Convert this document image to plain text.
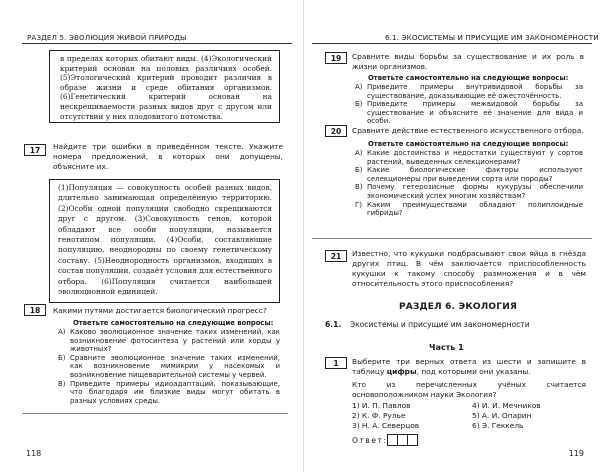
РАЗДЕЛ 5. ЭВОЛЮЦИЯ ЖИВОЙ ПРИРОДЫ
в пределах которых обитают виды. (4)Экологический критерий основан на половых различиях особей. (5)Этологический критерий проводит различия в образе жизни и среде обитания организмов. (6)Генетический критерий основан на нескрещиваемости разных видов друг с другом или отсутствии у них плодовитого потомства.
17	Найдите три ошибки в приведённом тексте. Укажите номера предложений, в которых они допущены, объясните их.
(1)Популяция — совокупность особей разных видов, длительно занимающая определённую территорию. (2)Особи одной популяции свободно скрещиваются друг с другом. (3)Совокупность генов, которой обладают все особи популяции, называется генотипом популяции. (4)Особи, составляющие популяцию, неоднородны по своему генетическому составу. (5)Неоднородность организмов, входящих в состав популяции, создаёт условия для естественного отбора. (6)Популяция считается наибольшей эволюционной единицей.
18	Какими путями достигается биологический прогресс?
Ответьте самостоятельно на следующие вопросы:
А) Каково эволюционное значение таких изменений, как возникновение фотосинтеза у растений или хорды у животных?
Б) Сравните эволюционное значение таких изменений, как возникновение мимикрии у насекомых и возникновение пищеварительной системы у червей.
В) Приведите примеры идиоадаптаций, показывающие, что благодаря им близкие виды могут обитать в разных условиях среды.
118
6.1. ЭКОСИСТЕМЫ И ПРИСУЩИЕ ИМ ЗАКОНОМЕРНОСТИ
19	Сравните виды борьбы за существование и их роль в жизни организмов.
Ответьте самостоятельно на следующие вопросы:
А) Приведите примеры внутривидовой борьбы за существование, доказывающие её ожесточённость.
Б) Приведите примеры межвидовой борьбы за существование и объясните её значение для вида и особи.
20	Сравните действие естественного искусственного отбора.
Ответьте самостоятельно на следующие вопросы:
А) Какие достоинства и недостатки существуют у сортов растений, выведенных селекционерами?
Б) Какие биологические факторы используют селекционеры при выведении сорта или породы?
В) Почему гетерозисные формы кукурузы обеспечили экономический успех многим хозяйствам?
Г) Каким преимуществами обладают полиплоидные гибриды?
21	Известно, что кукушки подбрасывают свои яйца в гнёзда других птиц. В чём заключается приспособленность кукушки к такому способу размножения и в чём относительность этого приспособления?
РАЗДЕЛ 6. ЭКОЛОГИЯ
6.1. Экосистемы и присущие им закономерности
Часть 1
1	Выберите три верных ответа из шести и запишите в таблицу цифры, под которыми они указаны.
Кто из перечисленных учёных считается основоположником науки Экология?
1) И. П. Павлов	4) И. И. Мечников
2) К. Ф. Рулье	5) А. И. Опарин
3) Н. А. Северцов	6) Э. Геккель
Ответ:
119
